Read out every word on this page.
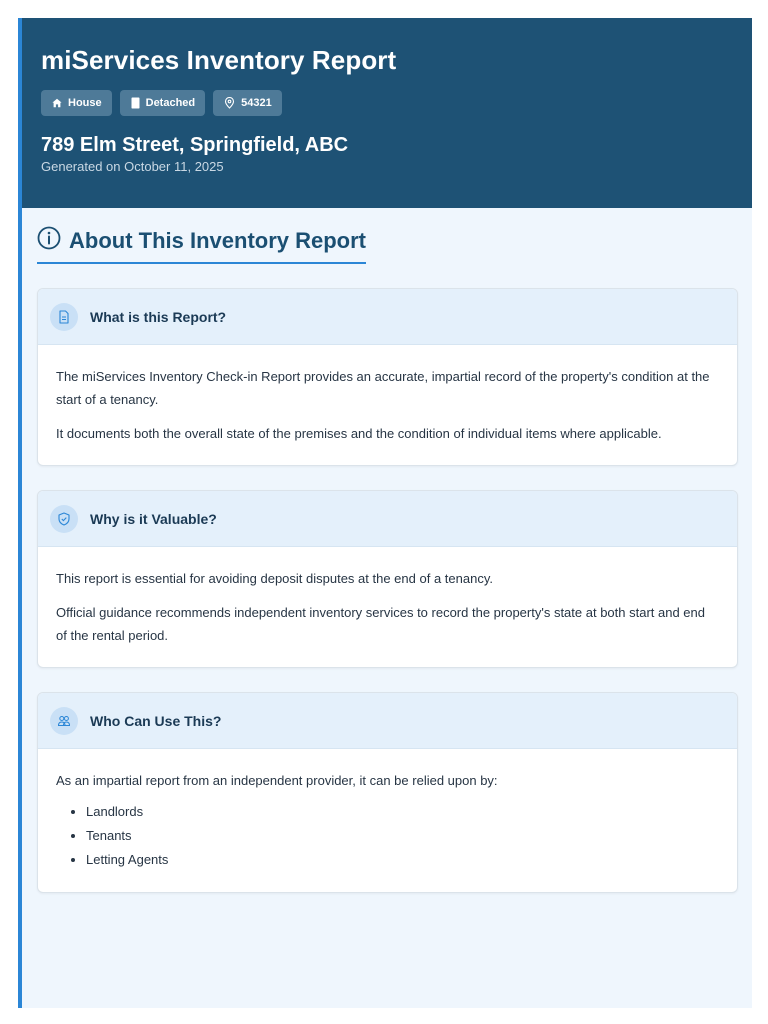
miServices Inventory Report
House	Detached	54321
789 Elm Street, Springfield, ABC
Generated on October 11, 2025
About This Inventory Report
What is this Report?

The miServices Inventory Check-in Report provides an accurate, impartial record of the property's condition at the start of a tenancy.

It documents both the overall state of the premises and the condition of individual items where applicable.

Why is it Valuable?

This report is essential for avoiding deposit disputes at the end of a tenancy.

Official guidance recommends independent inventory services to record the property's state at both start and end of the rental period.

Who Can Use This?

As an impartial report from an independent provider, it can be relied upon by:

• Landlords
• Tenants
• Letting Agents
